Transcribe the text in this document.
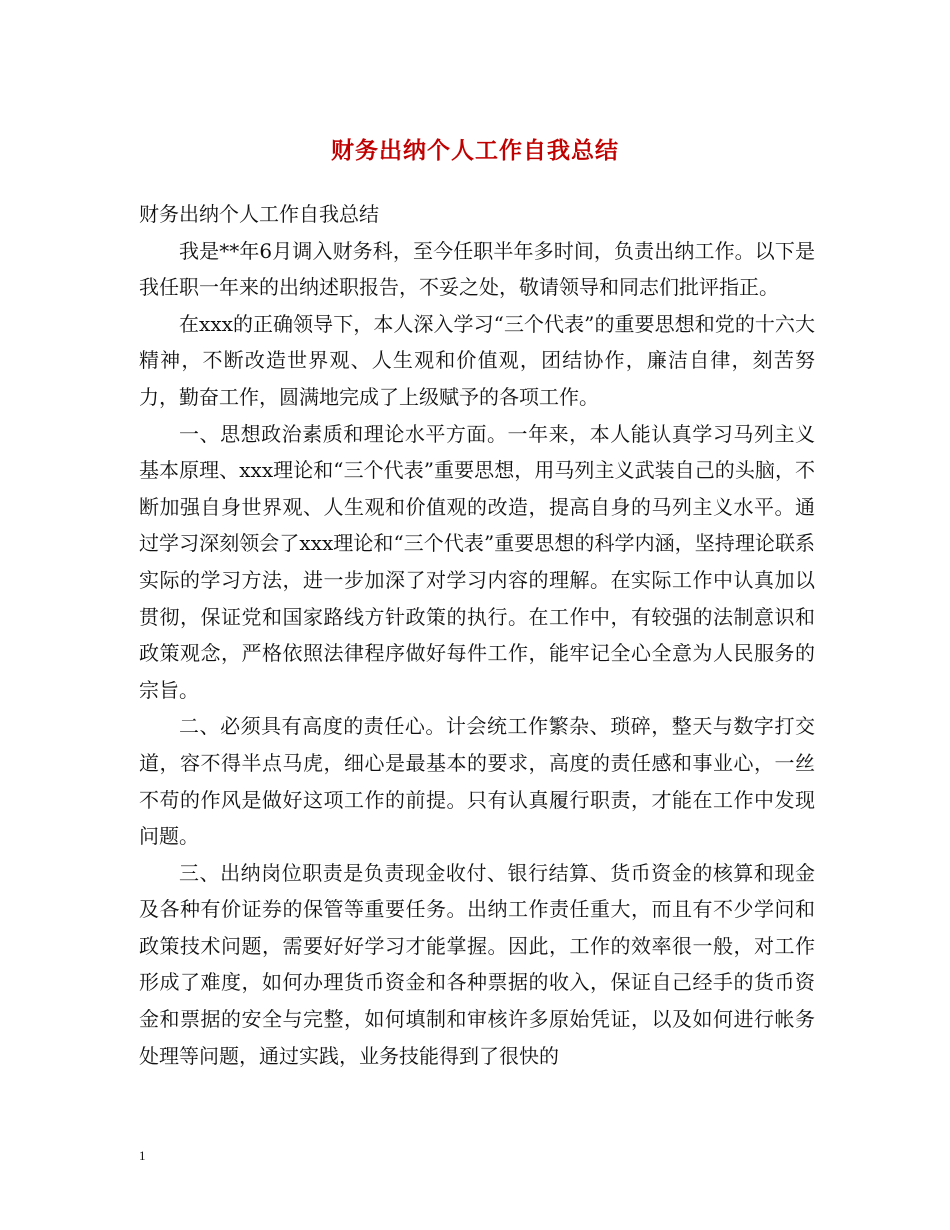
财务出纳个人工作自我总结

财务出纳个人工作自我总结

我是**年6月调入财务科，至今任职半年多时间，负责出纳工作。以下是我任职一年来的出纳述职报告，不妥之处，敬请领导和同志们批评指正。

在xxx的正确领导下，本人深入学习“三个代表”的重要思想和党的十六大精神，不断改造世界观、人生观和价值观，团结协作，廉洁自律，刻苦努力，勤奋工作，圆满地完成了上级赋予的各项工作。

一、思想政治素质和理论水平方面。一年来，本人能认真学习马列主义基本原理、xxx理论和“三个代表”重要思想，用马列主义武装自己的头脑，不断加强自身世界观、人生观和价值观的改造，提高自身的马列主义水平。通过学习深刻领会了xxx理论和“三个代表”重要思想的科学内涵，坚持理论联系实际的学习方法，进一步加深了对学习内容的理解。在实际工作中认真加以贯彻，保证党和国家路线方针政策的执行。在工作中，有较强的法制意识和政策观念，严格依照法律程序做好每件工作，能牢记全心全意为人民服务的宗旨。

二、必须具有高度的责任心。计会统工作繁杂、琐碎，整天与数字打交道，容不得半点马虎，细心是最基本的要求，高度的责任感和事业心，一丝不苟的作风是做好这项工作的前提。只有认真履行职责，才能在工作中发现问题。

三、出纳岗位职责是负责现金收付、银行结算、货币资金的核算和现金及各种有价证券的保管等重要任务。出纳工作责任重大，而且有不少学问和政策技术问题，需要好好学习才能掌握。因此，工作的效率很一般，对工作形成了难度，如何办理货币资金和各种票据的收入，保证自己经手的货币资金和票据的安全与完整，如何填制和审核许多原始凭证，以及如何进行帐务处理等问题，通过实践，业务技能得到了很快的

1
